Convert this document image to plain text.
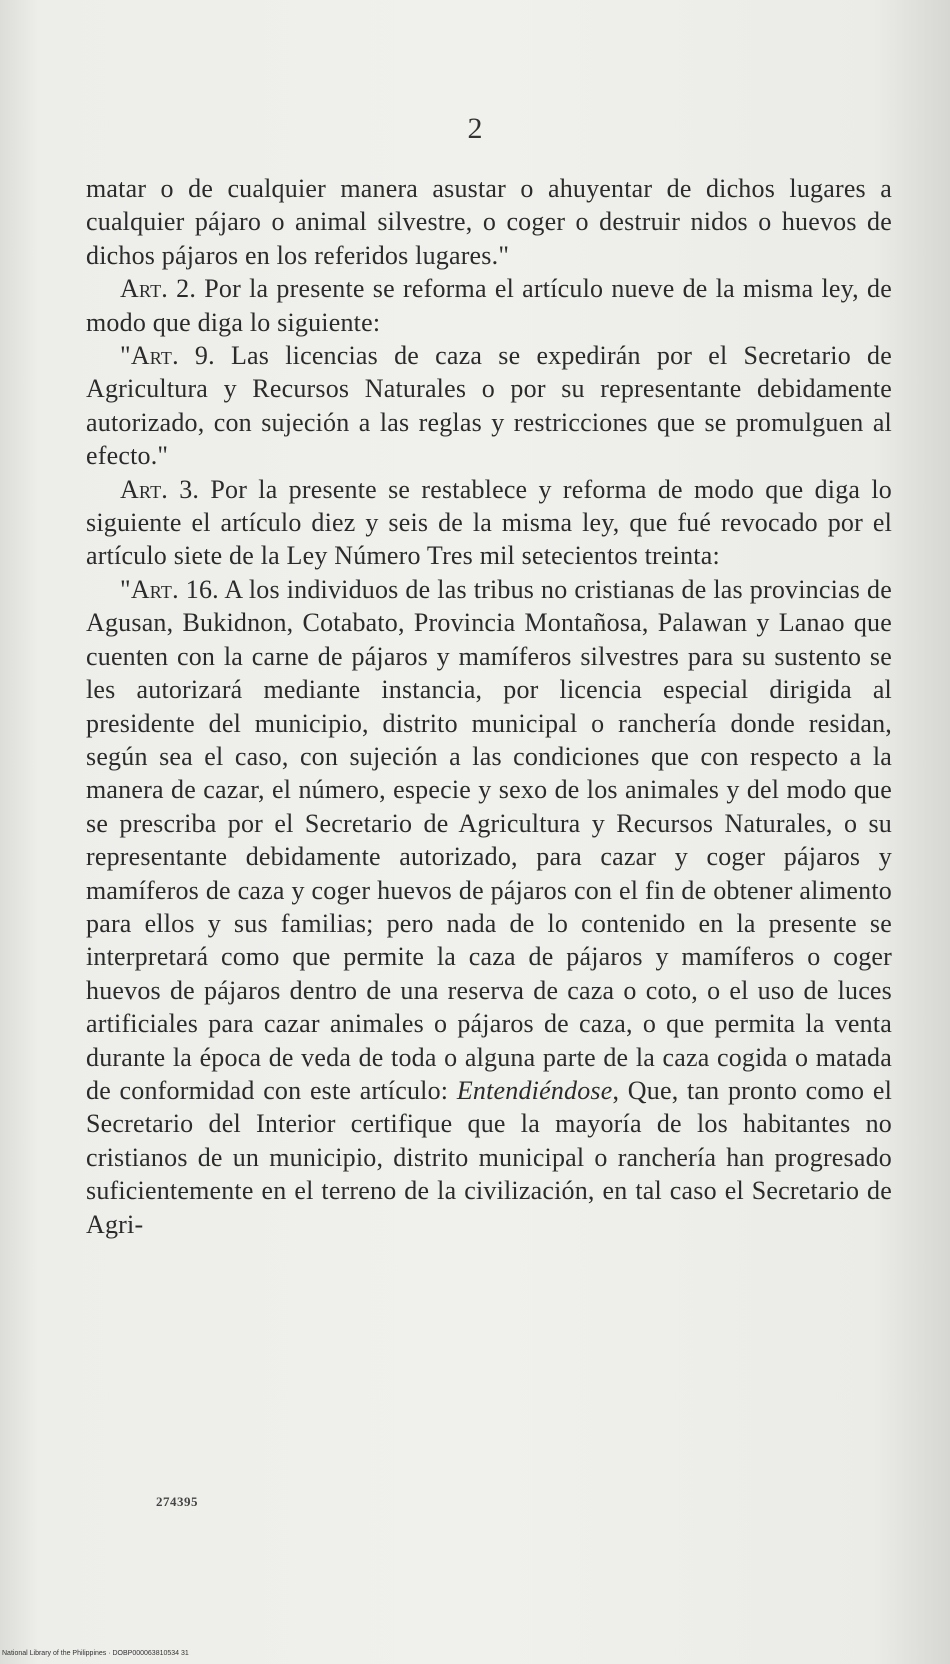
2

matar o de cualquier manera asustar o ahuyentar de dichos lugares a cualquier pájaro o animal silvestre, o coger o destruir nidos o huevos de dichos pájaros en los referidos lugares."

Art. 2. Por la presente se reforma el artículo nueve de la misma ley, de modo que diga lo siguiente:

"Art. 9. Las licencias de caza se expedirán por el Secretario de Agricultura y Recursos Naturales o por su representante debidamente autorizado, con sujeción a las reglas y restricciones que se promulguen al efecto."

Art. 3. Por la presente se restablece y reforma de modo que diga lo siguiente el artículo diez y seis de la misma ley, que fué revocado por el artículo siete de la Ley Número Tres mil setecientos treinta:

"Art. 16. A los individuos de las tribus no cristianas de las provincias de Agusan, Bukidnon, Cotabato, Provincia Montañosa, Palawan y Lanao que cuenten con la carne de pájaros y mamíferos silvestres para su sustento se les autorizará mediante instancia, por licencia especial dirigida al presidente del municipio, distrito municipal o ranchería donde residan, según sea el caso, con sujeción a las condiciones que con respecto a la manera de cazar, el número, especie y sexo de los animales y del modo que se prescriba por el Secretario de Agricultura y Recursos Naturales, o su representante debidamente autorizado, para cazar y coger pájaros y mamíferos de caza y coger huevos de pájaros con el fin de obtener alimento para ellos y sus familias; pero nada de lo contenido en la presente se interpretará como que permite la caza de pájaros y mamíferos o coger huevos de pájaros dentro de una reserva de caza o coto, o el uso de luces artificiales para cazar animales o pájaros de caza, o que permita la venta durante la época de veda de toda o alguna parte de la caza cogida o matada de conformidad con este artículo: Entendiéndose, Que, tan pronto como el Secretario del Interior certifique que la mayoría de los habitantes no cristianos de un municipio, distrito municipal o ranchería han progresado suficientemente en el terreno de la civilización, en tal caso el Secretario de Agri-

274395
National Library of the Philippines · DOBP000063810534 31
